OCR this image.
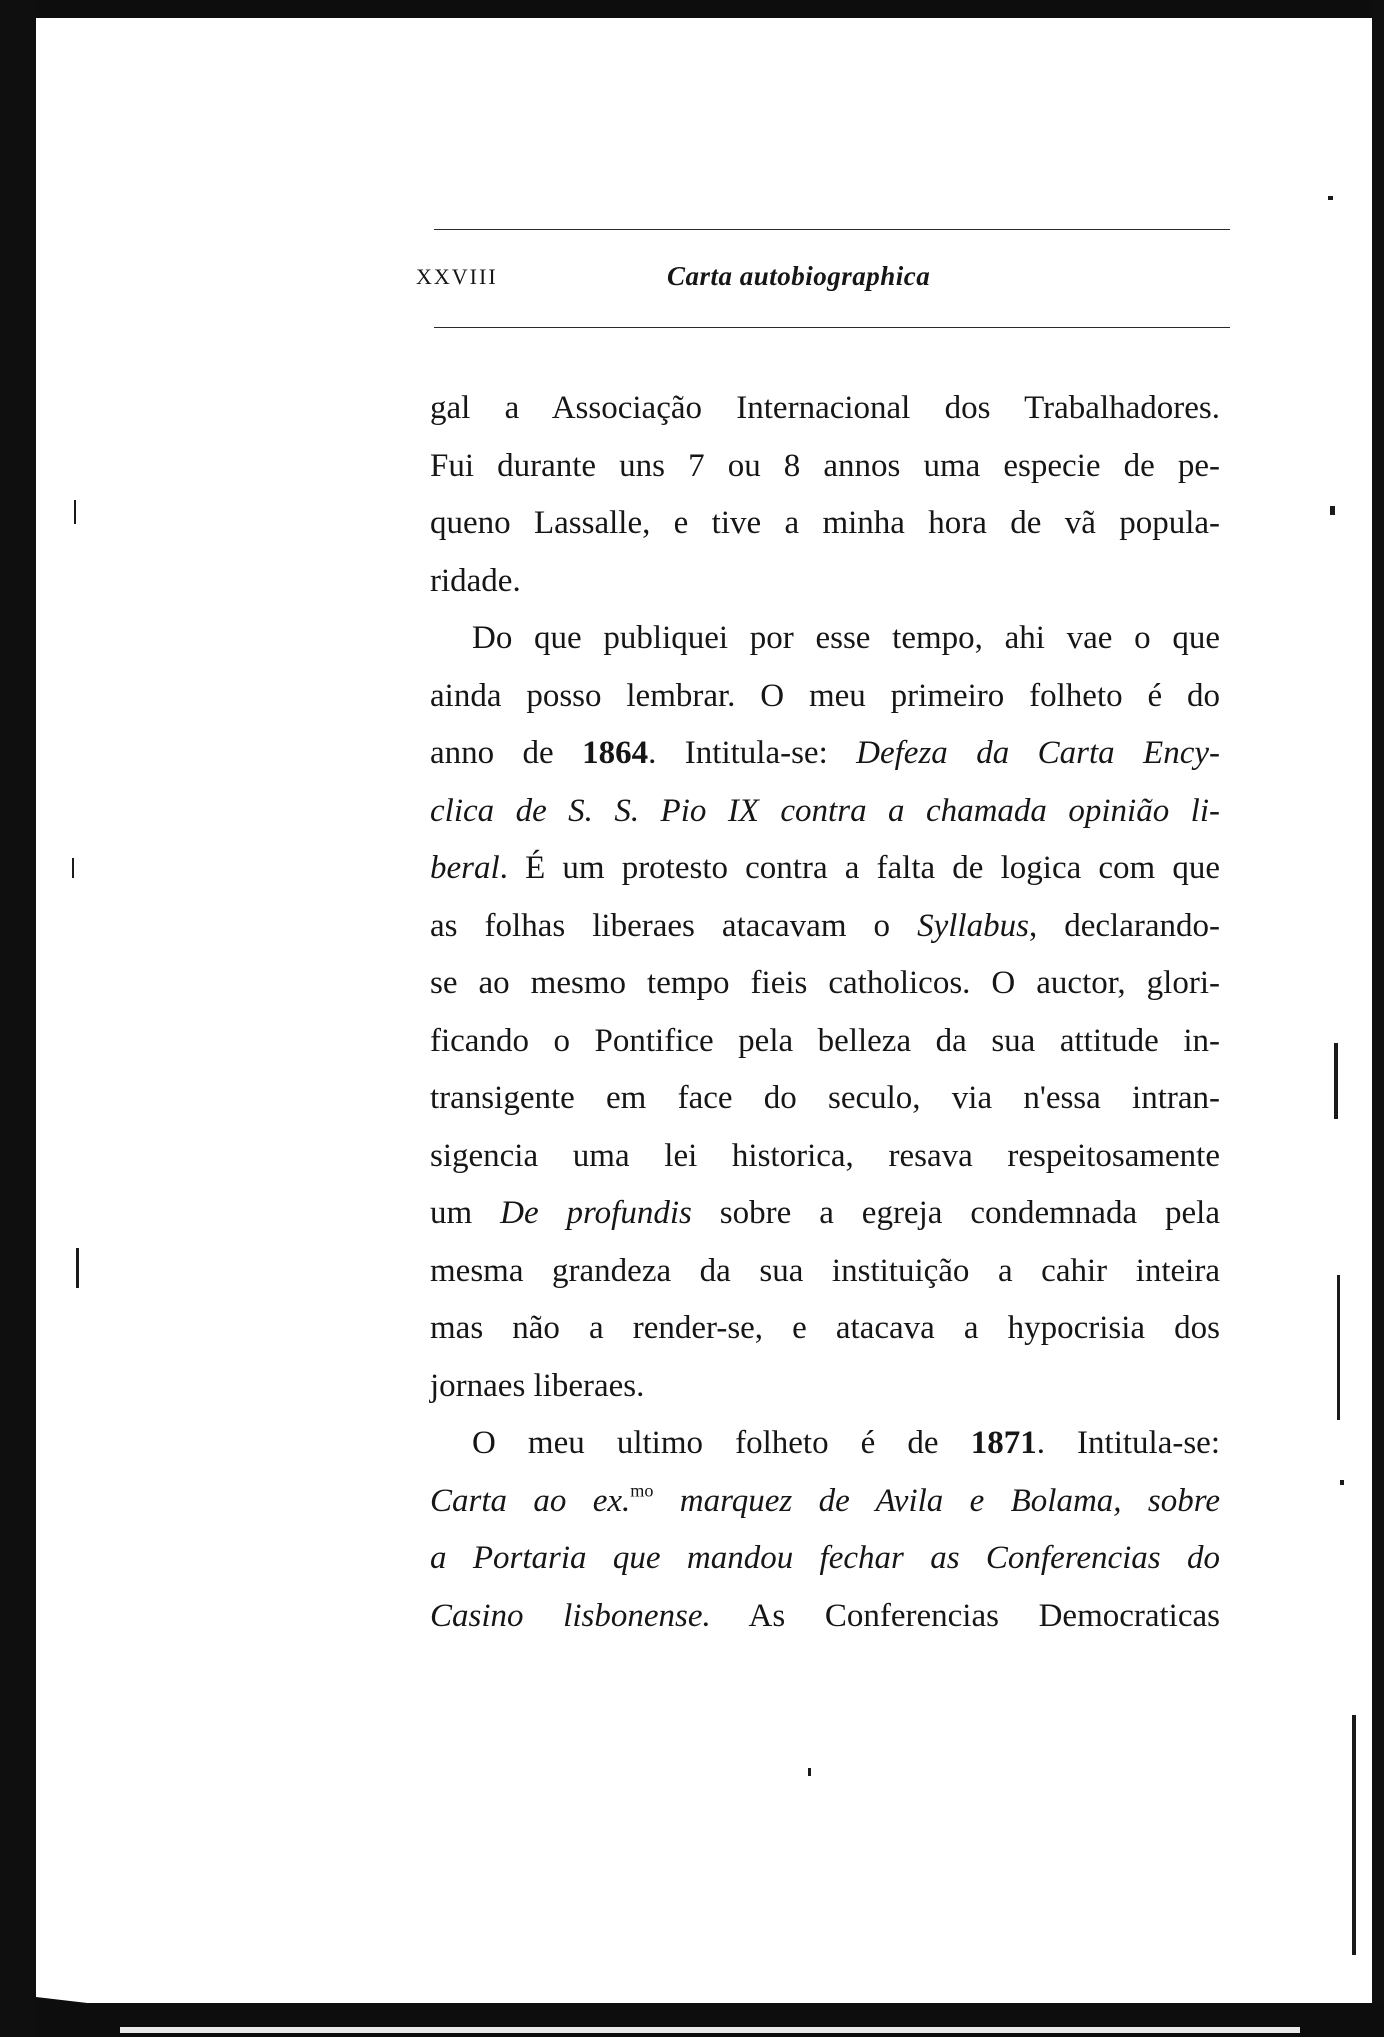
XXVIII	Carta autobiographica
gal a Associação Internacional dos Trabalhadores.
Fui durante uns 7 ou 8 annos uma especie de pe-
queno Lassalle, e tive a minha hora de vã popula-
ridade.
Do que publiquei por esse tempo, ahi vae o que
ainda posso lembrar. O meu primeiro folheto é do
anno de 1864. Intitula-se: Defeza da Carta Ency-
clica de S. S. Pio IX contra a chamada opinião li-
beral. É um protesto contra a falta de logica com que
as folhas liberaes atacavam o Syllabus, declarando-
se ao mesmo tempo fieis catholicos. O auctor, glori-
ficando o Pontifice pela belleza da sua attitude in-
transigente em face do seculo, via n'essa intran-
sigencia uma lei historica, resava respeitosamente
um De profundis sobre a egreja condemnada pela
mesma grandeza da sua instituição a cahir inteira
mas não a render-se, e atacava a hypocrisia dos
jornaes liberaes.
O meu ultimo folheto é de 1871. Intitula-se:
Carta ao ex.$^{mo}$ marquez de Avila e Bolama, sobre
a Portaria que mandou fechar as Conferencias do
Casino lisbonense. As Conferencias Democraticas
